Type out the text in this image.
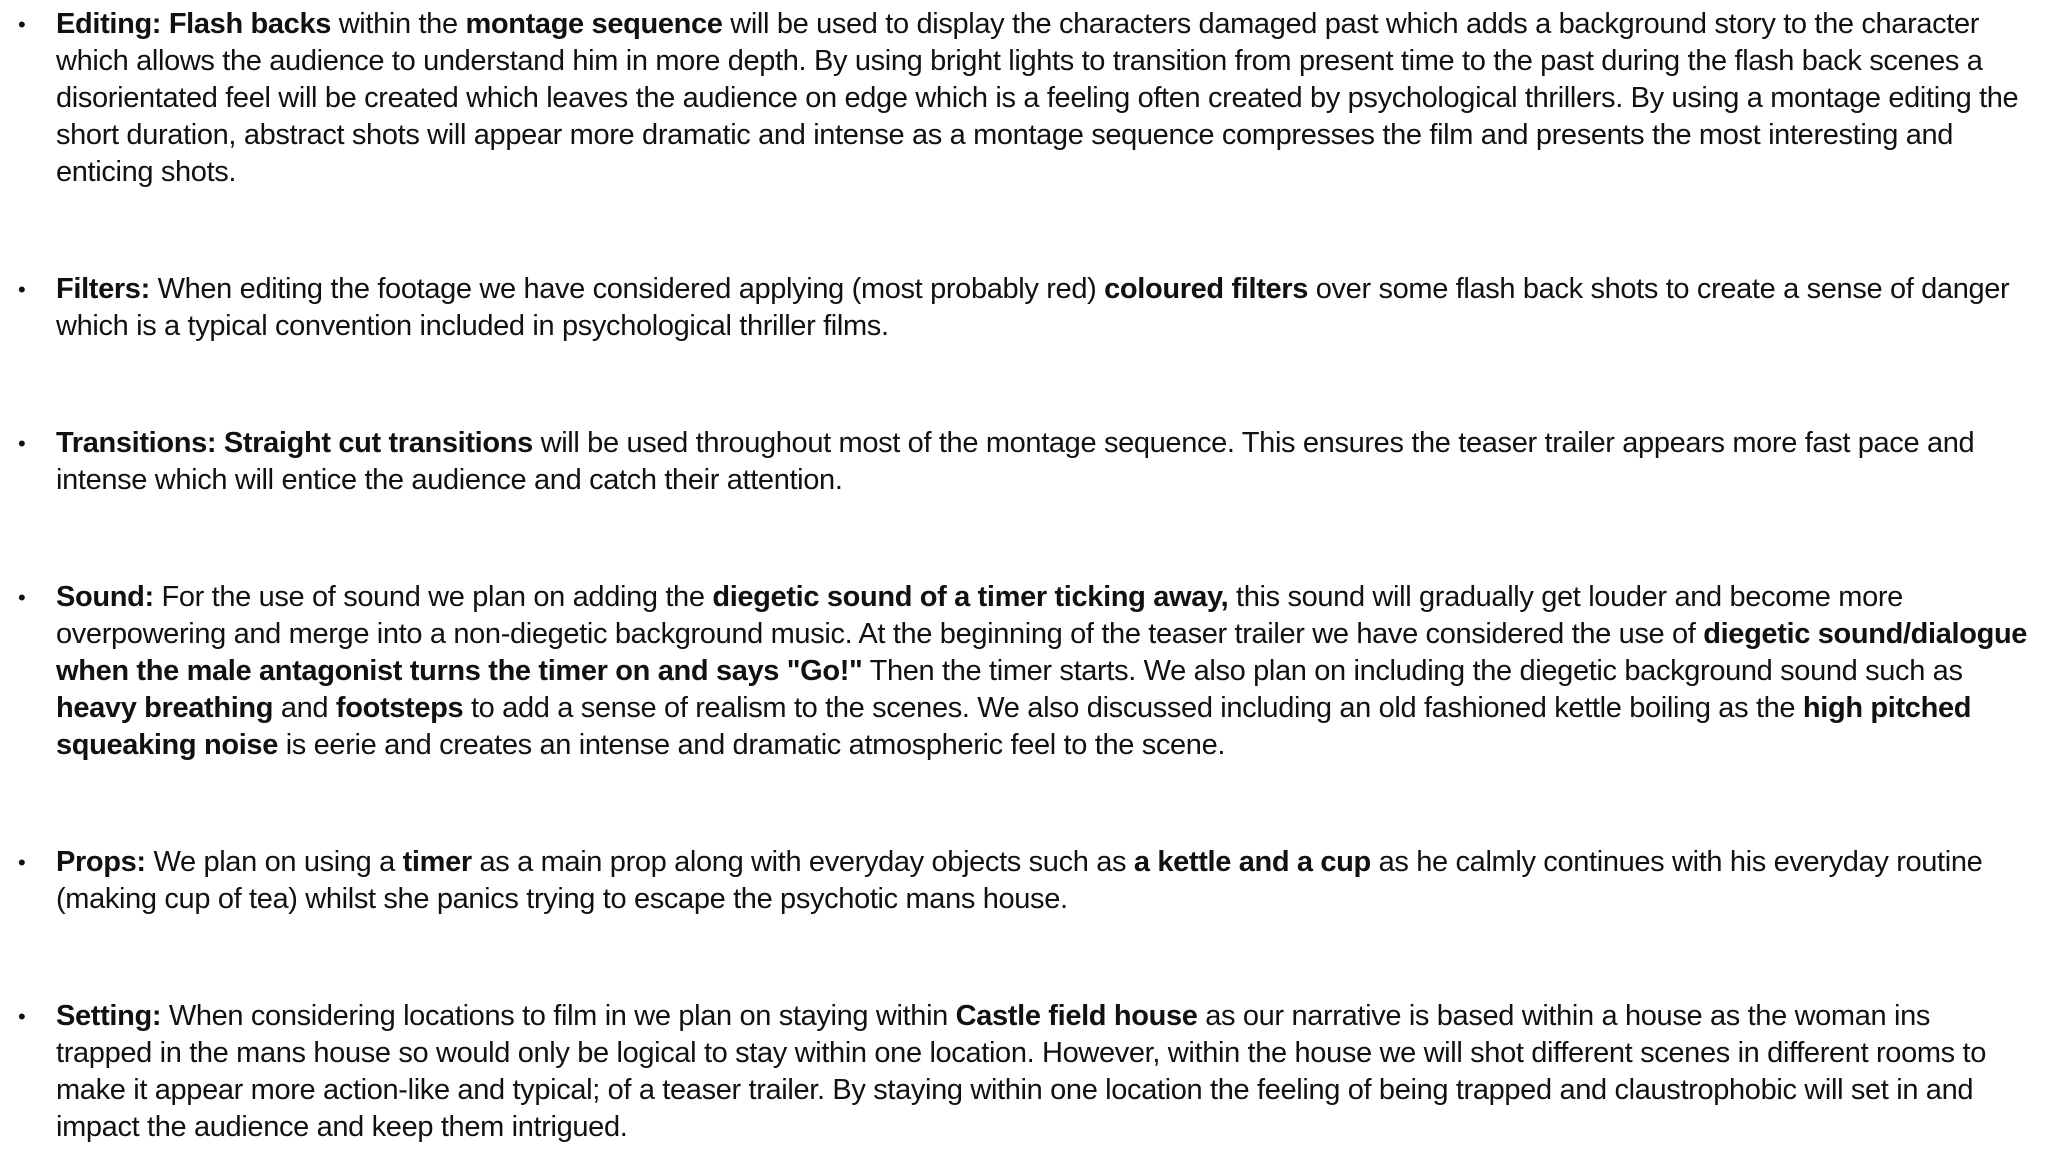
• Editing: Flash backs within the montage sequence will be used to display the characters damaged past which adds a background story to the character which allows the audience to understand him in more depth. By using bright lights to transition from present time to the past during the flash back scenes a disorientated feel will be created which leaves the audience on edge which is a feeling often created by psychological thrillers. By using a montage editing the short duration, abstract shots will appear more dramatic and intense as a montage sequence compresses the film and presents the most interesting and enticing shots.
• Filters: When editing the footage we have considered applying (most probably red) coloured filters over some flash back shots to create a sense of danger which is a typical convention included in psychological thriller films.
• Transitions: Straight cut transitions will be used throughout most of the montage sequence. This ensures the teaser trailer appears more fast pace and intense which will entice the audience and catch their attention.
• Sound: For the use of sound we plan on adding the diegetic sound of a timer ticking away, this sound will gradually get louder and become more overpowering and merge into a non-diegetic background music. At the beginning of the teaser trailer we have considered the use of diegetic sound/dialogue when the male antagonist turns the timer on and says "Go!" Then the timer starts. We also plan on including the diegetic background sound such as heavy breathing and footsteps to add a sense of realism to the scenes. We also discussed including an old fashioned kettle boiling as the high pitched squeaking noise is eerie and creates an intense and dramatic atmospheric feel to the scene.
• Props: We plan on using a timer as a main prop along with everyday objects such as a kettle and a cup as he calmly continues with his everyday routine (making cup of tea) whilst she panics trying to escape the psychotic mans house.
• Setting: When considering locations to film in we plan on staying within Castle field house as our narrative is based within a house as the woman ins trapped in the mans house so would only be logical to stay within one location. However, within the house we will shot different scenes in different rooms to make it appear more action-like and typical; of a teaser trailer. By staying within one location the feeling of being trapped and claustrophobic will set in and impact the audience and keep them intrigued.
